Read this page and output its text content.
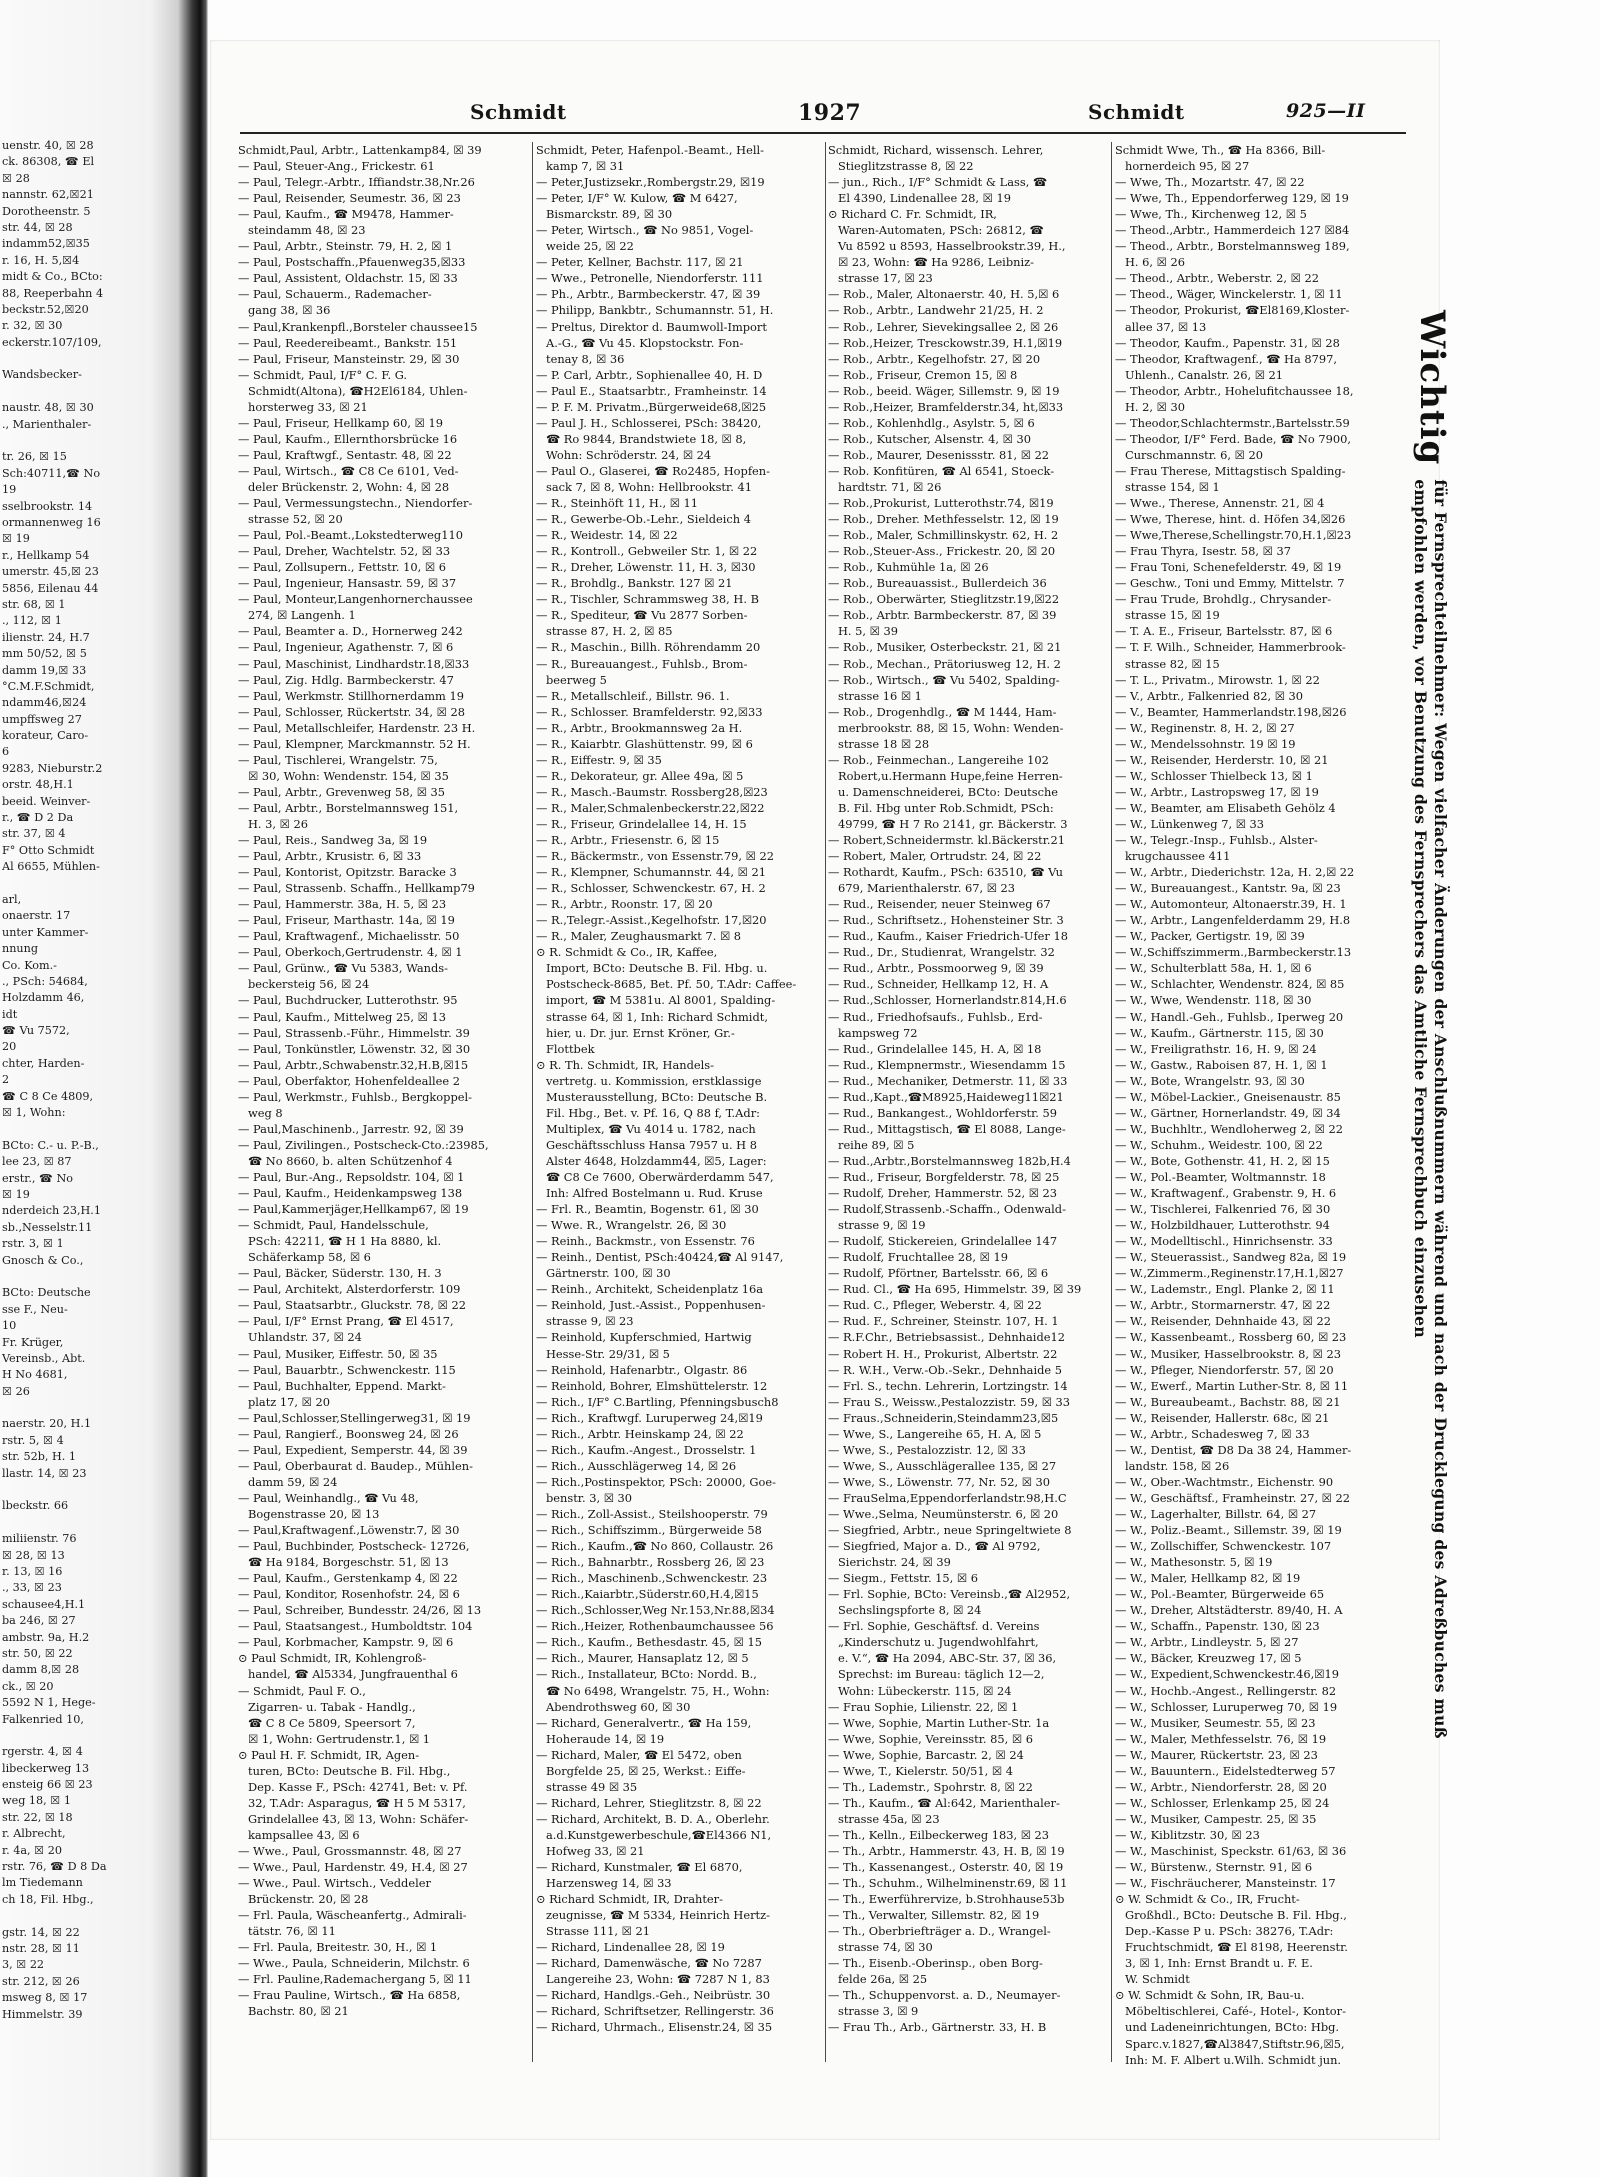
uenstr. 40, ☒ 28
ck. 86308, ☎ El
☒ 28
nannstr. 62,☒21
Dorotheenstr. 5
str. 44, ☒ 28
indamm52,☒35
r. 16, H. 5,☒4
midt & Co., BCto:
88, Reeperbahn 4
beckstr.52,☒20
r. 32, ☒ 30
eckerstr.107/109,
Wandsbecker-
naustr. 48, ☒ 30
., Marienthaler-
tr. 26, ☒ 15
Sch:40711,☎ No
19
sselbrookstr. 14
ormannenweg 16
☒ 19
r., Hellkamp 54
umerstr. 45,☒ 23
5856, Eilenau 44
str. 68, ☒ 1
., 112, ☒ 1
ilienstr. 24, H.7
mm 50/52, ☒ 5
damm 19,☒ 33
°C.M.F.Schmidt,
ndamm46,☒24
umpffsweg 27
korateur, Caro-
6
9283, Nieburstr.2
orstr. 48,H.1
beeid. Weinver-
r., ☎ D 2 Da
str. 37, ☒ 4
F° Otto Schmidt
Al 6655, Mühlen-
arl,
onaerstr. 17
unter Kammer-
nnung
Co. Kom.-
., PSch: 54684,
Holzdamm 46,
idt
☎ Vu 7572,
20
chter, Harden-
2
☎ C 8 Ce 4809,
☒ 1, Wohn:
BCto: C.- u. P.-B.,
lee 23, ☒ 87
erstr., ☎ No
☒ 19
nderdeich 23,H.1
sb.,Nesselstr.11
rstr. 3, ☒ 1
Gnosch & Co.,
BCto: Deutsche
sse F., Neu-
10
Fr. Krüger,
Vereinsb., Abt.
H No 4681,
☒ 26
naerstr. 20, H.1
rstr. 5, ☒ 4
str. 52b, H. 1
llastr. 14, ☒ 23
lbeckstr. 66
miliienstr. 76
☒ 28, ☒ 13
r. 13, ☒ 16
., 33, ☒ 23
schausee4,H.1
ba 246, ☒ 27
ambstr. 9a, H.2
str. 50, ☒ 22
damm 8,☒ 28
ck., ☒ 20
5592 N 1, Hege-
Falkenried 10,
rgerstr. 4, ☒ 4
libeckerweg 13
ensteig 66 ☒ 23
weg 18, ☒ 1
str. 22, ☒ 18
r. Albrecht,
r. 4a, ☒ 20
rstr. 76, ☎ D 8 Da
lm Tiedemann
ch 18, Fil. Hbg.,
gstr. 14, ☒ 22
nstr. 28, ☒ 11
3, ☒ 22
str. 212, ☒ 26
msweg 8, ☒ 17
Himmelstr. 39
Schmidt	1927	Schmidt	925—II
Schmidt,Paul, Arbtr., Lattenkamp84, ☒ 39
— Paul, Steuer-Ang., Frickestr. 61
— Paul, Telegr.-Arbtr., Iffiandstr.38,Nr.26
— Paul, Reisender, Seumestr. 36, ☒ 23
— Paul, Kaufm., ☎ M9478, Hammer-
steindamm 48, ☒ 23
— Paul, Arbtr., Steinstr. 79, H. 2, ☒ 1
— Paul, Postschaffn.,Pfauenweg35,☒33
— Paul, Assistent, Oldachstr. 15, ☒ 33
— Paul, Schauerm., Rademacher-
gang 38, ☒ 36
— Paul,Krankenpfl.,Borsteler chaussee15
— Paul, Reedereibeamt., Bankstr. 151
— Paul, Friseur, Mansteinstr. 29, ☒ 30
— Schmidt, Paul, I/F° C. F. G.
Schmidt(Altona), ☎H2El6184, Uhlen-
horsterweg 33, ☒ 21
— Paul, Friseur, Hellkamp 60, ☒ 19
— Paul, Kaufm., Ellernthorsbrücke 16
— Paul, Kraftwgf., Sentastr. 48, ☒ 22
— Paul, Wirtsch., ☎ C8 Ce 6101, Ved-
deler Brückenstr. 2, Wohn: 4, ☒ 28
— Paul, Vermessungstechn., Niendorfer-
strasse 52, ☒ 20
— Paul, Pol.-Beamt.,Lokstedterweg110
— Paul, Dreher, Wachtelstr. 52, ☒ 33
— Paul, Zollsupern., Fettstr. 10, ☒ 6
— Paul, Ingenieur, Hansastr. 59, ☒ 37
— Paul, Monteur,Langenhornerchaussee
274, ☒ Langenh. 1
— Paul, Beamter a. D., Hornerweg 242
— Paul, Ingenieur, Agathenstr. 7, ☒ 6
— Paul, Maschinist, Lindhardstr.18,☒33
— Paul, Zig. Hdlg. Barmbeckerstr. 47
— Paul, Werkmstr. Stillhornerdamm 19
— Paul, Schlosser, Rückertstr. 34, ☒ 28
— Paul, Metallschleifer, Hardenstr. 23 H.
— Paul, Klempner, Marckmannstr. 52 H.
— Paul, Tischlerei, Wrangelstr. 75,
☒ 30, Wohn: Wendenstr. 154, ☒ 35
— Paul, Arbtr., Grevenweg 58, ☒ 35
— Paul, Arbtr., Borstelmannsweg 151,
H. 3, ☒ 26
— Paul, Reis., Sandweg 3a, ☒ 19
— Paul, Arbtr., Krusistr. 6, ☒ 33
— Paul, Kontorist, Opitzstr. Baracke 3
— Paul, Strassenb. Schaffn., Hellkamp79
— Paul, Hammerstr. 38a, H. 5, ☒ 23
— Paul, Friseur, Marthastr. 14a, ☒ 19
— Paul, Kraftwagenf., Michaelisstr. 50
— Paul, Oberkoch,Gertrudenstr. 4, ☒ 1
— Paul, Grünw., ☎ Vu 5383, Wands-
beckersteig 56, ☒ 24
— Paul, Buchdrucker, Lutterothstr. 95
— Paul, Kaufm., Mittelweg 25, ☒ 13
— Paul, Strassenb.-Führ., Himmelstr. 39
— Paul, Tonkünstler, Löwenstr. 32, ☒ 30
— Paul, Arbtr.,Schwabenstr.32,H.B,☒15
— Paul, Oberfaktor, Hohenfeldeallee 2
— Paul, Werkmstr., Fuhlsb., Bergkoppel-
weg 8
— Paul,Maschinenb., Jarrestr. 92, ☒ 39
— Paul, Zivilingen., Postscheck-Cto.:23985,
☎ No 8660, b. alten Schützenhof 4
— Paul, Bur.-Ang., Repsoldstr. 104, ☒ 1
— Paul, Kaufm., Heidenkampsweg 138
— Paul,Kammerjäger,Hellkamp67, ☒ 19
— Schmidt, Paul, Handelsschule,
PSch: 42211, ☎ H 1 Ha 8880, kl.
Schäferkamp 58, ☒ 6
— Paul, Bäcker, Süderstr. 130, H. 3
— Paul, Architekt, Alsterdorferstr. 109
— Paul, Staatsarbtr., Gluckstr. 78, ☒ 22
— Paul, I/F° Ernst Prang, ☎ El 4517,
Uhlandstr. 37, ☒ 24
— Paul, Musiker, Eiffestr. 50, ☒ 35
— Paul, Bauarbtr., Schwenckestr. 115
— Paul, Buchhalter, Eppend. Markt-
platz 17, ☒ 20
— Paul,Schlosser,Stellingerweg31, ☒ 19
— Paul, Rangierf., Boonsweg 24, ☒ 26
— Paul, Expedient, Semperstr. 44, ☒ 39
— Paul, Oberbaurat d. Baudep., Mühlen-
damm 59, ☒ 24
— Paul, Weinhandlg., ☎ Vu 48,
Bogenstrasse 20, ☒ 13
— Paul,Kraftwagenf.,Löwenstr.7, ☒ 30
— Paul, Buchbinder, Postscheck- 12726,
☎ Ha 9184, Borgeschstr. 51, ☒ 13
— Paul, Kaufm., Gerstenkamp 4, ☒ 22
— Paul, Konditor, Rosenhofstr. 24, ☒ 6
— Paul, Schreiber, Bundesstr. 24/26, ☒ 13
— Paul, Staatsangest., Humboldtstr. 104
— Paul, Korbmacher, Kampstr. 9, ☒ 6
⊙ Paul Schmidt, IR, Kohlengroß-
handel, ☎ Al5334, Jungfrauenthal 6
— Schmidt, Paul F. O.,
Zigarren- u. Tabak - Handlg.,
☎ C 8 Ce 5809, Speersort 7,
☒ 1, Wohn: Gertrudenstr.1, ☒ 1
⊙ Paul H. F. Schmidt, IR, Agen-
turen, BCto: Deutsche B. Fil. Hbg.,
Dep. Kasse F., PSch: 42741, Bet: v. Pf.
32, T.Adr: Asparagus, ☎ H 5 M 5317,
Grindelallee 43, ☒ 13, Wohn: Schäfer-
kampsallee 43, ☒ 6
— Wwe., Paul, Grossmannstr. 48, ☒ 27
— Wwe., Paul, Hardenstr. 49, H.4, ☒ 27
— Wwe., Paul. Wirtsch., Veddeler
Brückenstr. 20, ☒ 28
— Frl. Paula, Wäscheanfertg., Admirali-
tätstr. 76, ☒ 11
— Frl. Paula, Breitestr. 30, H., ☒ 1
— Wwe., Paula, Schneiderin, Milchstr. 6
— Frl. Pauline,Rademachergang 5, ☒ 11
— Frau Pauline, Wirtsch., ☎ Ha 6858,
Bachstr. 80, ☒ 21
Schmidt, Peter, Hafenpol.-Beamt., Hell-
kamp 7, ☒ 31
— Peter,Justizsekr.,Rombergstr.29, ☒19
— Peter, I/F° W. Kulow, ☎ M 6427,
Bismarckstr. 89, ☒ 30
— Peter, Wirtsch., ☎ No 9851, Vogel-
weide 25, ☒ 22
— Peter, Kellner, Bachstr. 117, ☒ 21
— Wwe., Petronelle, Niendorferstr. 111
— Ph., Arbtr., Barmbeckerstr. 47, ☒ 39
— Philipp, Bankbtr., Schumannstr. 51, H.
— Preltus, Direktor d. Baumwoll-Import
A.-G., ☎ Vu 45. Klopstockstr. Fon-
tenay 8, ☒ 36
— P. Carl, Arbtr., Sophienallee 40, H. D
— Paul E., Staatsarbtr., Framheinstr. 14
— P. F. M. Privatm.,Bürgerweide68,☒25
— Paul J. H., Schlosserei, PSch: 38420,
☎ Ro 9844, Brandstwiete 18, ☒ 8,
Wohn: Schröderstr. 24, ☒ 24
— Paul O., Glaserei, ☎ Ro2485, Hopfen-
sack 7, ☒ 8, Wohn: Hellbrookstr. 41
— R., Steinhöft 11, H., ☒ 11
— R., Gewerbe-Ob.-Lehr., Sieldeich 4
— R., Weidestr. 14, ☒ 22
— R., Kontroll., Gebweiler Str. 1, ☒ 22
— R., Dreher, Löwenstr. 11, H. 3, ☒30
— R., Brohdlg., Bankstr. 127 ☒ 21
— R., Tischler, Schrammsweg 38, H. B
— R., Spediteur, ☎ Vu 2877 Sorben-
strasse 87, H. 2, ☒ 85
— R., Maschin., Billh. Röhrendamm 20
— R., Bureauangest., Fuhlsb., Brom-
beerweg 5
— R., Metallschleif., Billstr. 96. 1.
— R., Schlosser. Bramfelderstr. 92,☒33
— R., Arbtr., Brookmannsweg 2a H.
— R., Kaiarbtr. Glashüttenstr. 99, ☒ 6
— R., Eiffestr. 9, ☒ 35
— R., Dekorateur, gr. Allee 49a, ☒ 5
— R., Masch.-Baumstr. Rossberg28,☒23
— R., Maler,Schmalenbeckerstr.22,☒22
— R., Friseur, Grindelallee 14, H. 15
— R., Arbtr., Friesenstr. 6, ☒ 15
— R., Bäckermstr., von Essenstr.79, ☒ 22
— R., Klempner, Schumannstr. 44, ☒ 21
— R., Schlosser, Schwenckestr. 67, H. 2
— R., Arbtr., Roonstr. 17, ☒ 20
— R.,Telegr.-Assist.,Kegelhofstr. 17,☒20
— R., Maler, Zeughausmarkt 7. ☒ 8
⊙ R. Schmidt & Co., IR, Kaffee,
Import, BCto: Deutsche B. Fil. Hbg. u.
Postscheck-8685, Bet. Pf. 50, T.Adr: Caffee-
import, ☎ M 5381u. Al 8001, Spalding-
strasse 64, ☒ 1, Inh: Richard Schmidt,
hier, u. Dr. jur. Ernst Kröner, Gr.-
Flottbek
⊙ R. Th. Schmidt, IR, Handels-
vertretg. u. Kommission, erstklassige
Musterausstellung, BCto: Deutsche B.
Fil. Hbg., Bet. v. Pf. 16, Q 88 f, T.Adr:
Multiplex, ☎ Vu 4014 u. 1782, nach
Geschäftsschluss Hansa 7957 u. H 8
Alster 4648, Holzdamm44, ☒5, Lager:
☎ C8 Ce 7600, Oberwärderdamm 547,
Inh: Alfred Bostelmann u. Rud. Kruse
— Frl. R., Beamtin, Bogenstr. 61, ☒ 30
— Wwe. R., Wrangelstr. 26, ☒ 30
— Reinh., Backmstr., von Essenstr. 76
— Reinh., Dentist, PSch:40424,☎ Al 9147,
Gärtnerstr. 100, ☒ 30
— Reinh., Architekt, Scheidenplatz 16a
— Reinhold, Just.-Assist., Poppenhusen-
strasse 9, ☒ 23
— Reinhold, Kupferschmied, Hartwig
Hesse-Str. 29/31, ☒ 5
— Reinhold, Hafenarbtr., Olgastr. 86
— Reinhold, Bohrer, Elmshüttelerstr. 12
— Rich., I/F° C.Bartling, Pfenningsbusch8
— Rich., Kraftwgf. Luruperweg 24,☒19
— Rich., Arbtr. Heinskamp 24, ☒ 22
— Rich., Kaufm.-Angest., Drosselstr. 1
— Rich., Ausschlägerweg 14, ☒ 26
— Rich.,Postinspektor, PSch: 20000, Goe-
benstr. 3, ☒ 30
— Rich., Zoll-Assist., Steilshooperstr. 79
— Rich., Schiffszimm., Bürgerweide 58
— Rich., Kaufm.,☎ No 860, Collaustr. 26
— Rich., Bahnarbtr., Rossberg 26, ☒ 23
— Rich., Maschinenb.,Schwenckestr. 23
— Rich.,Kaiarbtr.,Süderstr.60,H.4,☒15
— Rich.,Schlosser,Weg Nr.153,Nr.88,☒34
— Rich.,Heizer, Rothenbaumchaussee 56
— Rich., Kaufm., Bethesdastr. 45, ☒ 15
— Rich., Maurer, Hansaplatz 12, ☒ 5
— Rich., Installateur, BCto: Nordd. B.,
☎ No 6498, Wrangelstr. 75, H., Wohn:
Abendrothsweg 60, ☒ 30
— Richard, Generalvertr., ☎ Ha 159,
Hoheraude 14, ☒ 19
— Richard, Maler, ☎ El 5472, oben
Borgfelde 25, ☒ 25, Werkst.: Eiffe-
strasse 49 ☒ 35
— Richard, Lehrer, Stieglitzstr. 8, ☒ 22
— Richard, Architekt, B. D. A., Oberlehr.
a.d.Kunstgewerbeschule,☎El4366 N1,
Hofweg 33, ☒ 21
— Richard, Kunstmaler, ☎ El 6870,
Harzensweg 14, ☒ 33
⊙ Richard Schmidt, IR, Drahter-
zeugnisse, ☎ M 5334, Heinrich Hertz-
Strasse 111, ☒ 21
— Richard, Lindenallee 28, ☒ 19
— Richard, Damenwäsche, ☎ No 7287
Langereihe 23, Wohn: ☎ 7287 N 1, 83
— Richard, Handlgs.-Geh., Neibrüstr. 30
— Richard, Schriftsetzer, Rellingerstr. 36
— Richard, Uhrmach., Elisenstr.24, ☒ 35
Schmidt, Richard, wissensch. Lehrer,
Stieglitzstrasse 8, ☒ 22
— jun., Rich., I/F° Schmidt & Lass, ☎
El 4390, Lindenallee 28, ☒ 19
⊙ Richard C. Fr. Schmidt, IR,
Waren-Automaten, PSch: 26812, ☎
Vu 8592 u 8593, Hasselbrookstr.39, H.,
☒ 23, Wohn: ☎ Ha 9286, Leibniz-
strasse 17, ☒ 23
— Rob., Maler, Altonaerstr. 40, H. 5,☒ 6
— Rob., Arbtr., Landwehr 21/25, H. 2
— Rob., Lehrer, Sievekingsallee 2, ☒ 26
— Rob.,Heizer, Tresckowstr.39, H.1,☒19
— Rob., Arbtr., Kegelhofstr. 27, ☒ 20
— Rob., Friseur, Cremon 15, ☒ 8
— Rob., beeid. Wäger, Sillemstr. 9, ☒ 19
— Rob.,Heizer, Bramfelderstr.34, ht,☒33
— Rob., Kohlenhdlg., Asylstr. 5, ☒ 6
— Rob., Kutscher, Alsenstr. 4, ☒ 30
— Rob., Maurer, Desenissstr. 81, ☒ 22
— Rob. Konfitüren, ☎ Al 6541, Stoeck-
hardtstr. 71, ☒ 26
— Rob.,Prokurist, Lutterothstr.74, ☒19
— Rob., Dreher. Methfesselstr. 12, ☒ 19
— Rob., Maler, Schmillinskystr. 62, H. 2
— Rob.,Steuer-Ass., Frickestr. 20, ☒ 20
— Rob., Kuhmühle 1a, ☒ 26
— Rob., Bureauassist., Bullerdeich 36
— Rob., Oberwärter, Stieglitzstr.19,☒22
— Rob., Arbtr. Barmbeckerstr. 87, ☒ 39
H. 5, ☒ 39
— Rob., Musiker, Osterbeckstr. 21, ☒ 21
— Rob., Mechan., Prätoriusweg 12, H. 2
— Rob., Wirtsch., ☎ Vu 5402, Spalding-
strasse 16 ☒ 1
— Rob., Drogenhdlg., ☎ M 1444, Ham-
merbrookstr. 88, ☒ 15, Wohn: Wenden-
strasse 18 ☒ 28
— Rob., Feinmechan., Langereihe 102
Robert,u.Hermann Hupe,feine Herren-
u. Damenschneiderei, BCto: Deutsche
B. Fil. Hbg unter Rob.Schmidt, PSch:
49799, ☎ H 7 Ro 2141, gr. Bäckerstr. 3
— Robert,Schneidermstr. kl.Bäckerstr.21
— Robert, Maler, Ortrudstr. 24, ☒ 22
— Rothardt, Kaufm., PSch: 63510, ☎ Vu
679, Marienthalerstr. 67, ☒ 23
— Rud., Reisender, neuer Steinweg 67
— Rud., Schriftsetz., Hohensteiner Str. 3
— Rud., Kaufm., Kaiser Friedrich-Ufer 18
— Rud., Dr., Studienrat, Wrangelstr. 32
— Rud., Arbtr., Possmoorweg 9, ☒ 39
— Rud., Schneider, Hellkamp 12, H. A
— Rud.,Schlosser, Hornerlandstr.814,H.6
— Rud., Friedhofsaufs., Fuhlsb., Erd-
kampsweg 72
— Rud., Grindelallee 145, H. A, ☒ 18
— Rud., Klempnermstr., Wiesendamm 15
— Rud., Mechaniker, Detmerstr. 11, ☒ 33
— Rud.,Kapt.,☎M8925,Haideweg11☒21
— Rud., Bankangest., Wohldorferstr. 59
— Rud., Mittagstisch, ☎ El 8088, Lange-
reihe 89, ☒ 5
— Rud.,Arbtr.,Borstelmannsweg 182b,H.4
— Rud., Friseur, Borgfelderstr. 78, ☒ 25
— Rudolf, Dreher, Hammerstr. 52, ☒ 23
— Rudolf,Strassenb.-Schaffn., Odenwald-
strasse 9, ☒ 19
— Rudolf, Stickereien, Grindelallee 147
— Rudolf, Fruchtallee 28, ☒ 19
— Rudolf, Pförtner, Bartelsstr. 66, ☒ 6
— Rud. Cl., ☎ Ha 695, Himmelstr. 39, ☒ 39
— Rud. C., Pfleger, Weberstr. 4, ☒ 22
— Rud. F., Schreiner, Steinstr. 107, H. 1
— R.F.Chr., Betriebsassist., Dehnhaide12
— Robert H. H., Prokurist, Albertstr. 22
— R. W.H., Verw.-Ob.-Sekr., Dehnhaide 5
— Frl. S., techn. Lehrerin, Lortzingstr. 14
— Frau S., Weissw.,Pestalozzistr. 59, ☒ 33
— Fraus.,Schneiderin,Steindamm23,☒5
— Wwe, S., Langereihe 65, H. A, ☒ 5
— Wwe, S., Pestalozzistr. 12, ☒ 33
— Wwe, S., Ausschlägerallee 135, ☒ 27
— Wwe, S., Löwenstr. 77, Nr. 52, ☒ 30
— FrauSelma,Eppendorferlandstr.98,H.C
— Wwe.,Selma, Neumünsterstr. 6, ☒ 20
— Siegfried, Arbtr., neue Springeltwiete 8
— Siegfried, Major a. D., ☎ Al 9792,
Sierichstr. 24, ☒ 39
— Siegm., Fettstr. 15, ☒ 6
— Frl. Sophie, BCto: Vereinsb.,☎ Al2952,
Sechslingspforte 8, ☒ 24
— Frl. Sophie, Geschäftsf. d. Vereins
„Kinderschutz u. Jugendwohlfahrt,
e. V.“, ☎ Ha 2094, ABC-Str. 37, ☒ 36,
Sprechst: im Bureau: täglich 12—2,
Wohn: Lübeckerstr. 115, ☒ 24
— Frau Sophie, Lilienstr. 22, ☒ 1
— Wwe, Sophie, Martin Luther-Str. 1a
— Wwe, Sophie, Vereinsstr. 85, ☒ 6
— Wwe, Sophie, Barcastr. 2, ☒ 24
— Wwe, T., Kielerstr. 50/51, ☒ 4
— Th., Lademstr., Spohrstr. 8, ☒ 22
— Th., Kaufm., ☎ Al:642, Marienthaler-
strasse 45a, ☒ 23
— Th., Kelln., Eilbeckerweg 183, ☒ 23
— Th., Arbtr., Hammerstr. 43, H. B, ☒ 19
— Th., Kassenangest., Osterstr. 40, ☒ 19
— Th., Schuhm., Wilhelminenstr.69, ☒ 11
— Th., Ewerführervize, b.Strohhause53b
— Th., Verwalter, Sillemstr. 82, ☒ 19
— Th., Oberbriefträger a. D., Wrangel-
strasse 74, ☒ 30
— Th., Eisenb.-Oberinsp., oben Borg-
felde 26a, ☒ 25
— Th., Schuppenvorst. a. D., Neumayer-
strasse 3, ☒ 9
— Frau Th., Arb., Gärtnerstr. 33, H. B
Schmidt Wwe, Th., ☎ Ha 8366, Bill-
hornerdeich 95, ☒ 27
— Wwe, Th., Mozartstr. 47, ☒ 22
— Wwe, Th., Eppendorferweg 129, ☒ 19
— Wwe, Th., Kirchenweg 12, ☒ 5
— Theod.,Arbtr., Hammerdeich 127 ☒84
— Theod., Arbtr., Borstelmannsweg 189,
H. 6, ☒ 26
— Theod., Arbtr., Weberstr. 2, ☒ 22
— Theod., Wäger, Winckelerstr. 1, ☒ 11
— Theodor, Prokurist, ☎El8169,Kloster-
allee 37, ☒ 13
— Theodor, Kaufm., Papenstr. 31, ☒ 28
— Theodor, Kraftwagenf., ☎ Ha 8797,
Uhlenh., Canalstr. 26, ☒ 21
— Theodor, Arbtr., Hohelufitchaussee 18,
H. 2, ☒ 30
— Theodor,Schlachtermstr.,Bartelsstr.59
— Theodor, I/F° Ferd. Bade, ☎ No 7900,
Curschmannstr. 6, ☒ 20
— Frau Therese, Mittagstisch Spalding-
strasse 154, ☒ 1
— Wwe., Therese, Annenstr. 21, ☒ 4
— Wwe, Therese, hint. d. Höfen 34,☒26
— Wwe,Therese,Schellingstr.70,H.1,☒23
— Frau Thyra, Isestr. 58, ☒ 37
— Frau Toni, Schenefelderstr. 49, ☒ 19
— Geschw., Toni und Emmy, Mittelstr. 7
— Frau Trude, Brohdlg., Chrysander-
strasse 15, ☒ 19
— T. A. E., Friseur, Bartelsstr. 87, ☒ 6
— T. F. Wilh., Schneider, Hammerbrook-
strasse 82, ☒ 15
— T. L., Privatm., Mirowstr. 1, ☒ 22
— V., Arbtr., Falkenried 82, ☒ 30
— V., Beamter, Hammerlandstr.198,☒26
— W., Reginenstr. 8, H. 2, ☒ 27
— W., Mendelssohnstr. 19 ☒ 19
— W., Reisender, Herderstr. 10, ☒ 21
— W., Schlosser Thielbeck 13, ☒ 1
— W., Arbtr., Lastropsweg 17, ☒ 19
— W., Beamter, am Elisabeth Gehölz 4
— W., Lünkenweg 7, ☒ 33
— W., Telegr.-Insp., Fuhlsb., Alster-
krugchaussee 411
— W., Arbtr., Diederichstr. 12a, H. 2,☒ 22
— W., Bureauangest., Kantstr. 9a, ☒ 23
— W., Automonteur, Altonaerstr.39, H. 1
— W., Arbtr., Langenfelderdamm 29, H.8
— W., Packer, Gertigstr. 19, ☒ 39
— W.,Schiffszimmerm.,Barmbeckerstr.13
— W., Schulterblatt 58a, H. 1, ☒ 6
— W., Schlachter, Wendenstr. 824, ☒ 85
— W., Wwe, Wendenstr. 118, ☒ 30
— W., Handl.-Geh., Fuhlsb., Iperweg 20
— W., Kaufm., Gärtnerstr. 115, ☒ 30
— W., Freiligrathstr. 16, H. 9, ☒ 24
— W., Gastw., Raboisen 87, H. 1, ☒ 1
— W., Bote, Wrangelstr. 93, ☒ 30
— W., Möbel-Lackier., Gneisenaustr. 85
— W., Gärtner, Hornerlandstr. 49, ☒ 34
— W., Buchhltr., Wendloherweg 2, ☒ 22
— W., Schuhm., Weidestr. 100, ☒ 22
— W., Bote, Gothenstr. 41, H. 2, ☒ 15
— W., Pol.-Beamter, Woltmannstr. 18
— W., Kraftwagenf., Grabenstr. 9, H. 6
— W., Tischlerei, Falkenried 76, ☒ 30
— W., Holzbildhauer, Lutterothstr. 94
— W., Modelltischl., Hinrichsenstr. 33
— W., Steuerassist., Sandweg 82a, ☒ 19
— W.,Zimmerm.,Reginenstr.17,H.1,☒27
— W., Lademstr., Engl. Planke 2, ☒ 11
— W., Arbtr., Stormarnerstr. 47, ☒ 22
— W., Reisender, Dehnhaide 43, ☒ 22
— W., Kassenbeamt., Rossberg 60, ☒ 23
— W., Musiker, Hasselbrookstr. 8, ☒ 23
— W., Pfleger, Niendorferstr. 57, ☒ 20
— W., Ewerf., Martin Luther-Str. 8, ☒ 11
— W., Bureaubeamt., Bachstr. 88, ☒ 21
— W., Reisender, Hallerstr. 68c, ☒ 21
— W., Arbtr., Schadesweg 7, ☒ 33
— W., Dentist, ☎ D8 Da 38 24, Hammer-
landstr. 158, ☒ 26
— W., Ober.-Wachtmstr., Eichenstr. 90
— W., Geschäftsf., Framheinstr. 27, ☒ 22
— W., Lagerhalter, Billstr. 64, ☒ 27
— W., Poliz.-Beamt., Sillemstr. 39, ☒ 19
— W., Zollschiffer, Schwenckestr. 107
— W., Mathesonstr. 5, ☒ 19
— W., Maler, Hellkamp 82, ☒ 19
— W., Pol.-Beamter, Bürgerweide 65
— W., Dreher, Altstädterstr. 89/40, H. A
— W., Schaffn., Papenstr. 130, ☒ 23
— W., Arbtr., Lindleystr. 5, ☒ 27
— W., Bäcker, Kreuzweg 17, ☒ 5
— W., Expedient,Schwenckestr.46,☒19
— W., Hochb.-Angest., Rellingerstr. 82
— W., Schlosser, Luruperweg 70, ☒ 19
— W., Musiker, Seumestr. 55, ☒ 23
— W., Maler, Methfesselstr. 76, ☒ 19
— W., Maurer, Rückertstr. 23, ☒ 23
— W., Bauuntern., Eidelstedterweg 57
— W., Arbtr., Niendorferstr. 28, ☒ 20
— W., Schlosser, Erlenkamp 25, ☒ 24
— W., Musiker, Campestr. 25, ☒ 35
— W., Kiblitzstr. 30, ☒ 23
— W., Maschinist, Speckstr. 61/63, ☒ 36
— W., Bürstenw., Sternstr. 91, ☒ 6
— W., Fischräucherer, Mansteinstr. 17
⊙ W. Schmidt & Co., IR, Frucht-
Großhdl., BCto: Deutsche B. Fil. Hbg.,
Dep.-Kasse P u. PSch: 38276, T.Adr:
Fruchtschmidt, ☎ El 8198, Heerenstr.
3, ☒ 1, Inh: Ernst Brandt u. F. E.
W. Schmidt
⊙ W. Schmidt & Sohn, IR, Bau-u.
Möbeltischlerei, Café-, Hotel-, Kontor-
und Ladeneinrichtungen, BCto: Hbg.
Sparc.v.1827,☎Al3847,Stiftstr.96,☒5,
Inh: M. F. Albert u.Wilh. Schmidt jun.
Wichtigfür Fernsprechteilnehmer: Wegen vielfacher Änderungen der Anschlußnummern während und nach der Drucklegung des Adreßbuches muß empfohlen werden, vor Benutzung des Fernsprechers das Amtliche Fernsprechbuch einzusehen
